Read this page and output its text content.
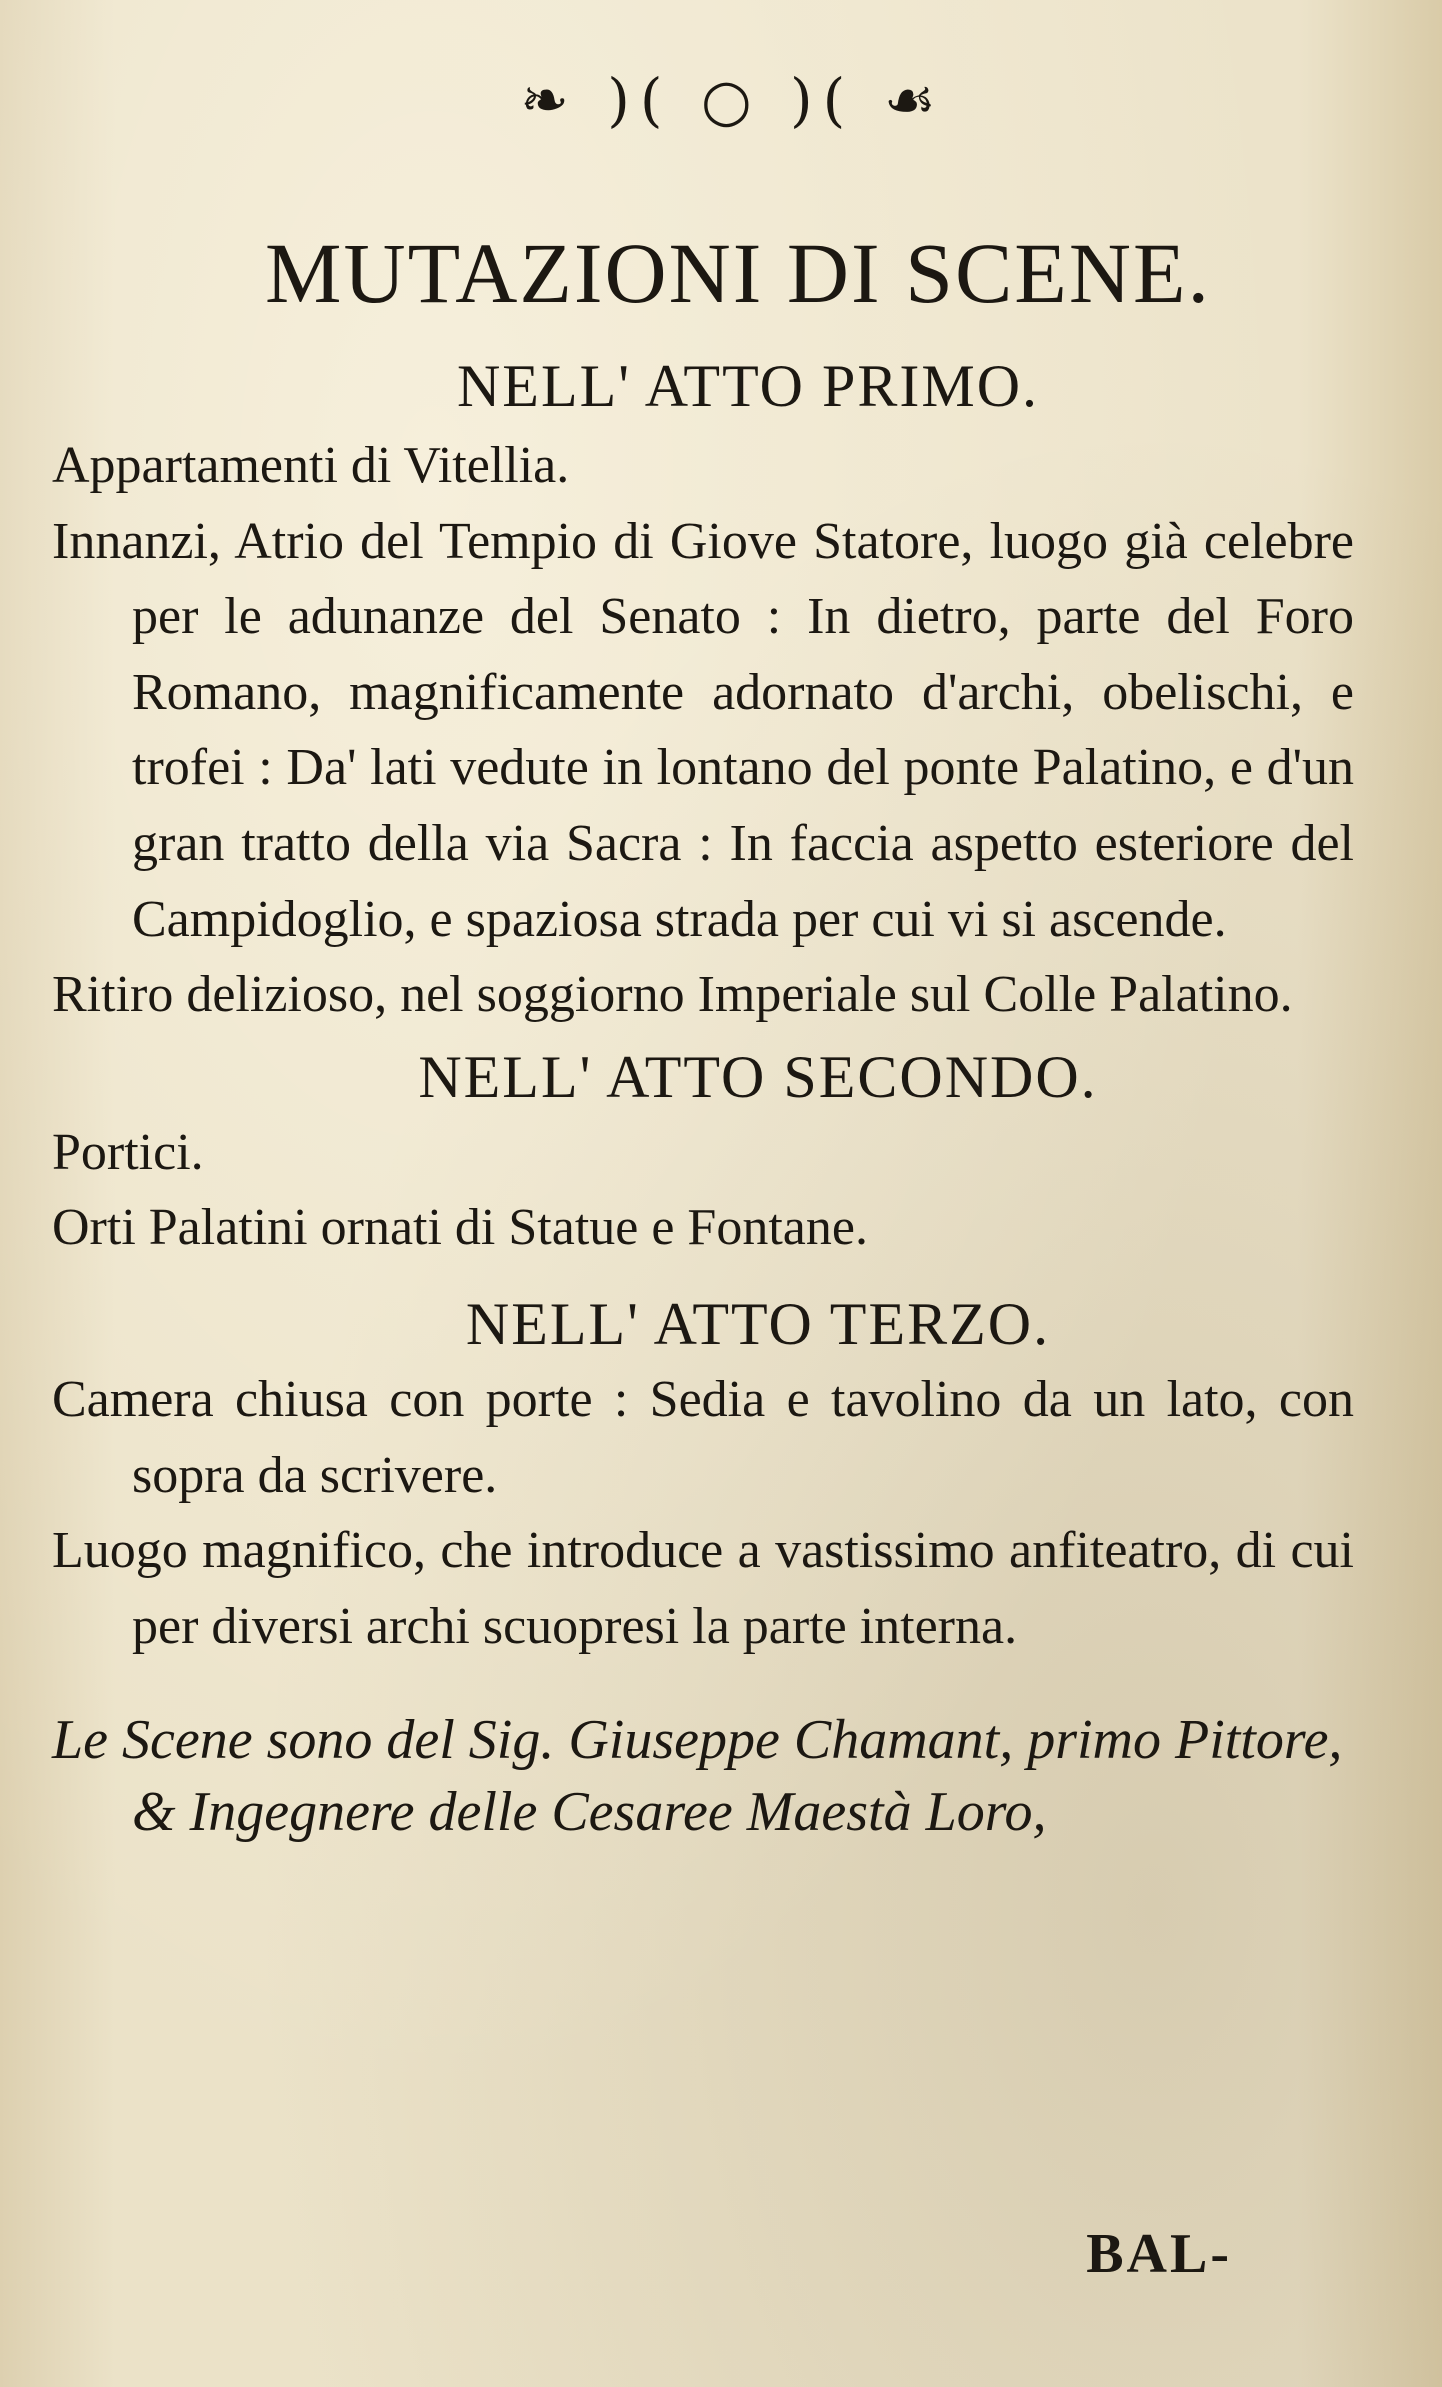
❧ )( ○ )( ☙
MUTAZIONI DI SCENE.
NELL' ATTO PRIMO.
Appartamenti di Vitellia.
Innanzi, Atrio del Tempio di Giove Statore, luogo già celebre per le adunanze del Senato : In dietro, parte del Foro Romano, magnificamente adornato d'archi, obelischi, e trofei : Da' lati vedute in lontano del ponte Palatino, e d'un gran tratto della via Sacra : In faccia aspetto esteriore del Campidoglio, e spaziosa strada per cui vi si ascende.
Ritiro delizioso, nel soggiorno Imperiale sul Colle Palatino.
NELL' ATTO SECONDO.
Portici.
Orti Palatini ornati di Statue e Fontane.
NELL' ATTO TERZO.
Camera chiusa con porte : Sedia e tavolino da un lato, con sopra da scrivere.
Luogo magnifico, che introduce a vastissimo anfiteatro, di cui per diversi archi scuopresi la parte interna.
Le Scene sono del Sig. Giuseppe Chamant, primo Pittore, & Ingegnere delle Cesaree Maestà Loro,
BAL-
